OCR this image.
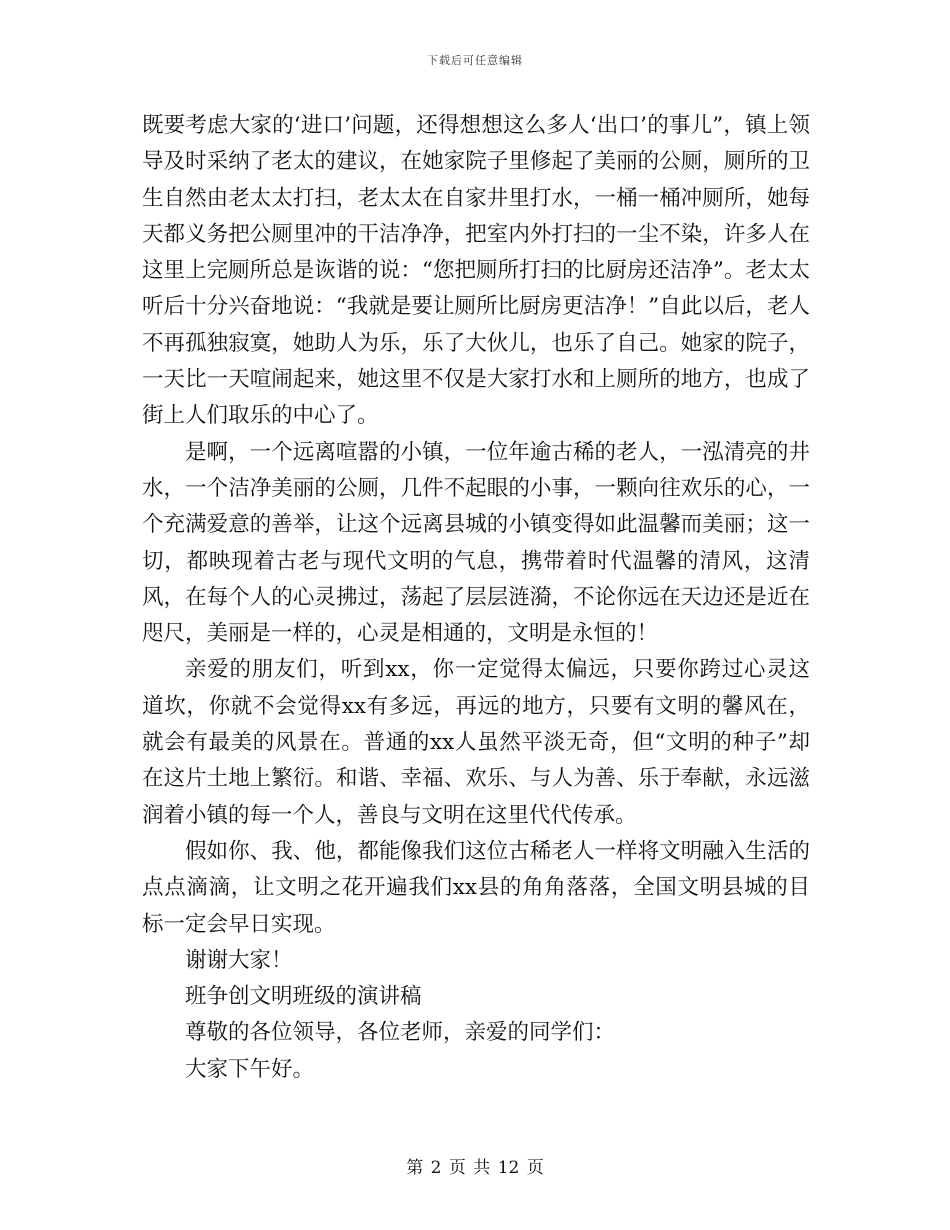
下载后可任意编辑

既要考虑大家的‘进口’问题，还得想想这么多人‘出口’的事儿”，镇上领导及时采纳了老太的建议，在她家院子里修起了美丽的公厕，厕所的卫生自然由老太太打扫，老太太在自家井里打水，一桶一桶冲厕所，她每天都义务把公厕里冲的干洁净净，把室内外打扫的一尘不染，许多人在这里上完厕所总是诙谐的说：“您把厕所打扫的比厨房还洁净”。老太太听后十分兴奋地说：“我就是要让厕所比厨房更洁净！”自此以后，老人不再孤独寂寞，她助人为乐，乐了大伙儿，也乐了自己。她家的院子，一天比一天喧闹起来，她这里不仅是大家打水和上厕所的地方，也成了街上人们取乐的中心了。

是啊，一个远离喧嚣的小镇，一位年逾古稀的老人，一泓清亮的井水，一个洁净美丽的公厕，几件不起眼的小事，一颗向往欢乐的心，一个充满爱意的善举，让这个远离县城的小镇变得如此温馨而美丽；这一切，都映现着古老与现代文明的气息，携带着时代温馨的清风，这清风，在每个人的心灵拂过，荡起了层层涟漪，不论你远在天边还是近在咫尺，美丽是一样的，心灵是相通的，文明是永恒的！

亲爱的朋友们，听到xx，你一定觉得太偏远，只要你跨过心灵这道坎，你就不会觉得xx有多远，再远的地方，只要有文明的馨风在，就会有最美的风景在。普通的xx人虽然平淡无奇，但“文明的种子”却在这片土地上繁衍。和谐、幸福、欢乐、与人为善、乐于奉献，永远滋润着小镇的每一个人，善良与文明在这里代代传承。

假如你、我、他，都能像我们这位古稀老人一样将文明融入生活的点点滴滴，让文明之花开遍我们xx县的角角落落，全国文明县城的目标一定会早日实现。

谢谢大家！

班争创文明班级的演讲稿

尊敬的各位领导，各位老师，亲爱的同学们：

大家下午好。

第 2 页 共 12 页
